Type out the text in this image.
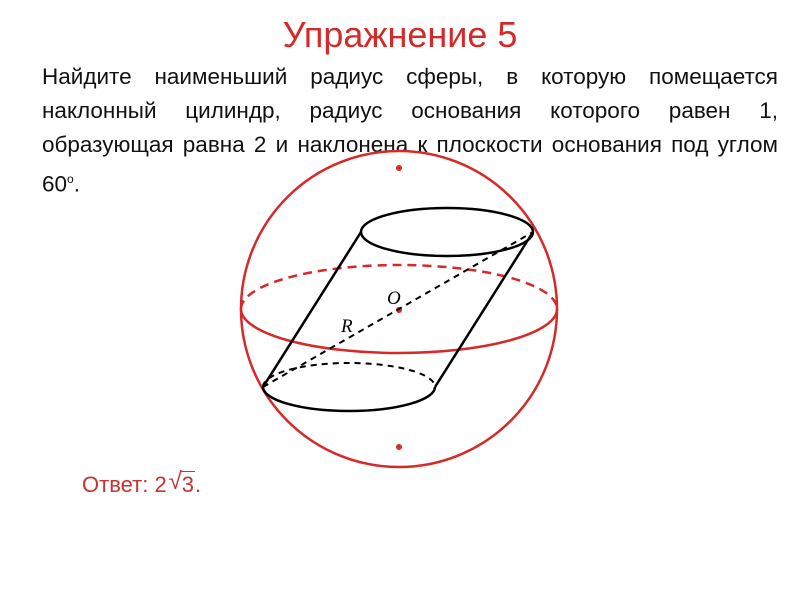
Упражнение 5

Найдите наименьший радиус сферы, в которую помещается наклонный цилиндр, радиус основания которого равен 1, образующая равна 2 и наклонена к плоскости основания под углом $60^о$.

O
R
Ответ: 2 √ 3.
